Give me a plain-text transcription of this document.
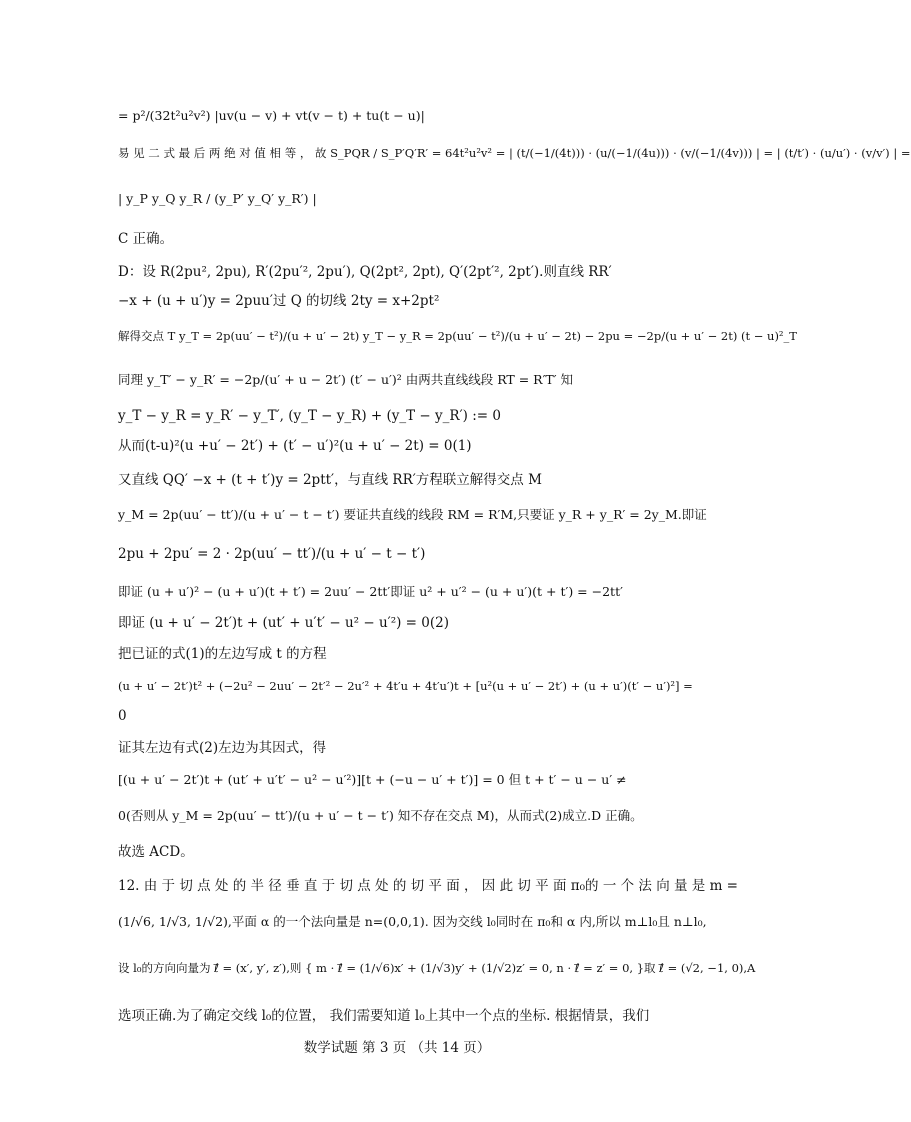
= p²/(32t²u²v²) |uv(u − v) + vt(v − t) + tu(t − u)|
易 见 二 式 最 后 两 绝 对 值 相 等 ， 故 S_PQR / S_P′Q′R′ = 64t²u²v² = | (t/(−1/(4t))) · (u/(−1/(4u))) · (v/(−1/(4v))) | = | (t/t′) · (u/u′) · (v/v′) | =
| y_P y_Q y_R / (y_P′ y_Q′ y_R′) |
C 正确。
D：设 R(2pu², 2pu), R′(2pu′², 2pu′), Q(2pt², 2pt), Q′(2pt′², 2pt′).则直线 RR′
−x + (u + u′)y = 2puu′过 Q 的切线 2ty = x+2pt²
解得交点 T y_T = 2p(uu′ − t²)/(u + u′ − 2t) y_T − y_R = 2p(uu′ − t²)/(u + u′ − 2t) − 2pu = −2p/(u + u′ − 2t) (t − u)²_T
同理 y_T′ − y_R′ = −2p/(u′ + u − 2t′) (t′ − u′)² 由两共直线线段 RT = R′T′ 知
y_T − y_R = y_R′ − y_T′, (y_T − y_R) + (y_T − y_R′) := 0
从而(t-u)²(u +u′ − 2t′) + (t′ − u′)²(u + u′ − 2t) = 0(1)
又直线 QQ′ −x + (t + t′)y = 2ptt′，与直线 RR′方程联立解得交点 M
y_M = 2p(uu′ − tt′)/(u + u′ − t − t′) 要证共直线的线段 RM = R′M,只要证 y_R + y_R′ = 2y_M.即证
2pu + 2pu′ = 2 · 2p(uu′ − tt′)/(u + u′ − t − t′)
即证 (u + u′)² − (u + u′)(t + t′) = 2uu′ − 2tt′即证 u² + u′² − (u + u′)(t + t′) = −2tt′
即证 (u + u′ − 2t′)t + (ut′ + u′t′ − u² − u′²) = 0(2)
把已证的式(1)的左边写成 t 的方程
(u + u′ − 2t′)t² + (−2u² − 2uu′ − 2t′² − 2u′² + 4t′u + 4t′u′)t + [u²(u + u′ − 2t′) + (u + u′)(t′ − u′)²] =
0
证其左边有式(2)左边为其因式，得
[(u + u′ − 2t′)t + (ut′ + u′t′ − u² − u′²)][t + (−u − u′ + t′)] = 0 但 t + t′ − u − u′ ≠
0(否则从 y_M = 2p(uu′ − tt′)/(u + u′ − t − t′) 知不存在交点 M)，从而式(2)成立.D 正确。
故选 ACD。
12. 由 于 切 点 处 的 半 径 垂 直 于 切 点 处 的 切 平 面 ， 因 此 切 平 面 π₀的 一 个 法 向 量 是 m =
(1/√6, 1/√3, 1/√2),平面 α 的一个法向量是 n=(0,0,1). 因为交线 l₀同时在 π₀和 α 内,所以 m⊥l₀且 n⊥l₀,
设 l₀的方向向量为 ℓ⃗ = (x′, y′, z′),则 { m · ℓ⃗ = (1/√6)x′ + (1/√3)y′ + (1/√2)z′ = 0, n · ℓ⃗ = z′ = 0, }取 ℓ⃗ = (√2, −1, 0),A
选项正确.为了确定交线 l₀的位置， 我们需要知道 l₀上其中一个点的坐标. 根据情景，我们
数学试题 第 3 页 （共 14 页）
